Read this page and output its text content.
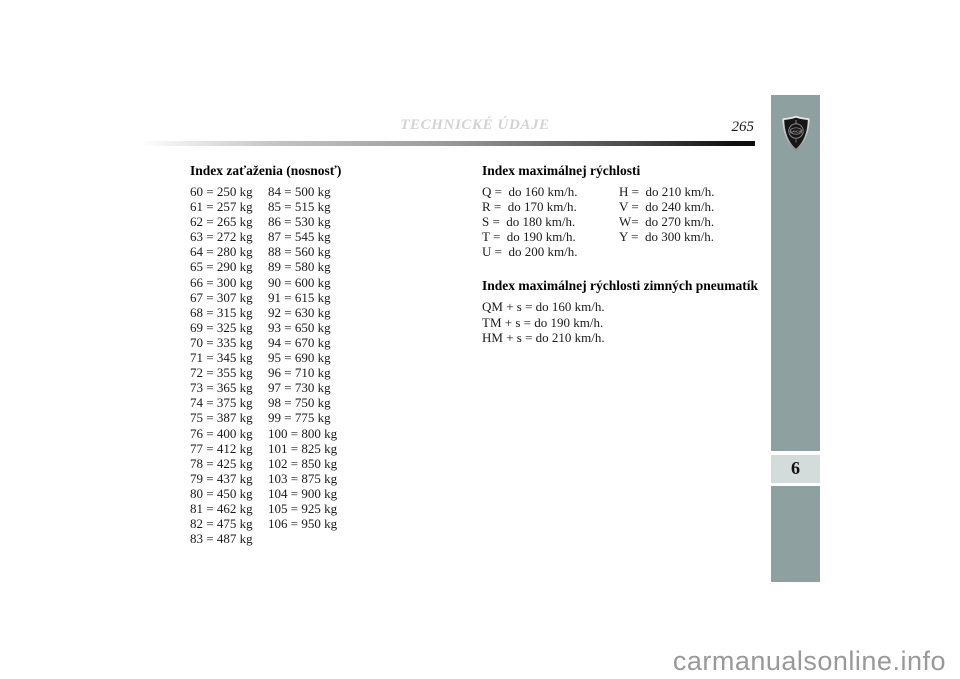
TECHNICKÉ ÚDAJE	265
Index zaťaženia (nosnosť)
60 = 250 kg
61 = 257 kg
62 = 265 kg
63 = 272 kg
64 = 280 kg
65 = 290 kg
66 = 300 kg
67 = 307 kg
68 = 315 kg
69 = 325 kg
70 = 335 kg
71 = 345 kg
72 = 355 kg
73 = 365 kg
74 = 375 kg
75 = 387 kg
76 = 400 kg
77 = 412 kg
78 = 425 kg
79 = 437 kg
80 = 450 kg
81 = 462 kg
82 = 475 kg
83 = 487 kg
84 = 500 kg
85 = 515 kg
86 = 530 kg
87 = 545 kg
88 = 560 kg
89 = 580 kg
90 = 600 kg
91 = 615 kg
92 = 630 kg
93 = 650 kg
94 = 670 kg
95 = 690 kg
96 = 710 kg
97 = 730 kg
98 = 750 kg
99 = 775 kg
100 = 800 kg
101 = 825 kg
102 = 850 kg
103 = 875 kg
104 = 900 kg
105 = 925 kg
106 = 950 kg
Index maximálnej rýchlosti
Q =  do 160 km/h.
R =  do 170 km/h.
S =  do 180 km/h.
T =  do 190 km/h.
U =  do 200 km/h.
H =  do 210 km/h.
V =  do 240 km/h.
W=  do 270 km/h.
Y =  do 300 km/h.
Index maximálnej rýchlosti zimných pneumatík
QM + s = do 160 km/h.
TM + s = do 190 km/h.
HM + s = do 210 km/h.
LANCIA
6
carmanualsonline.info
